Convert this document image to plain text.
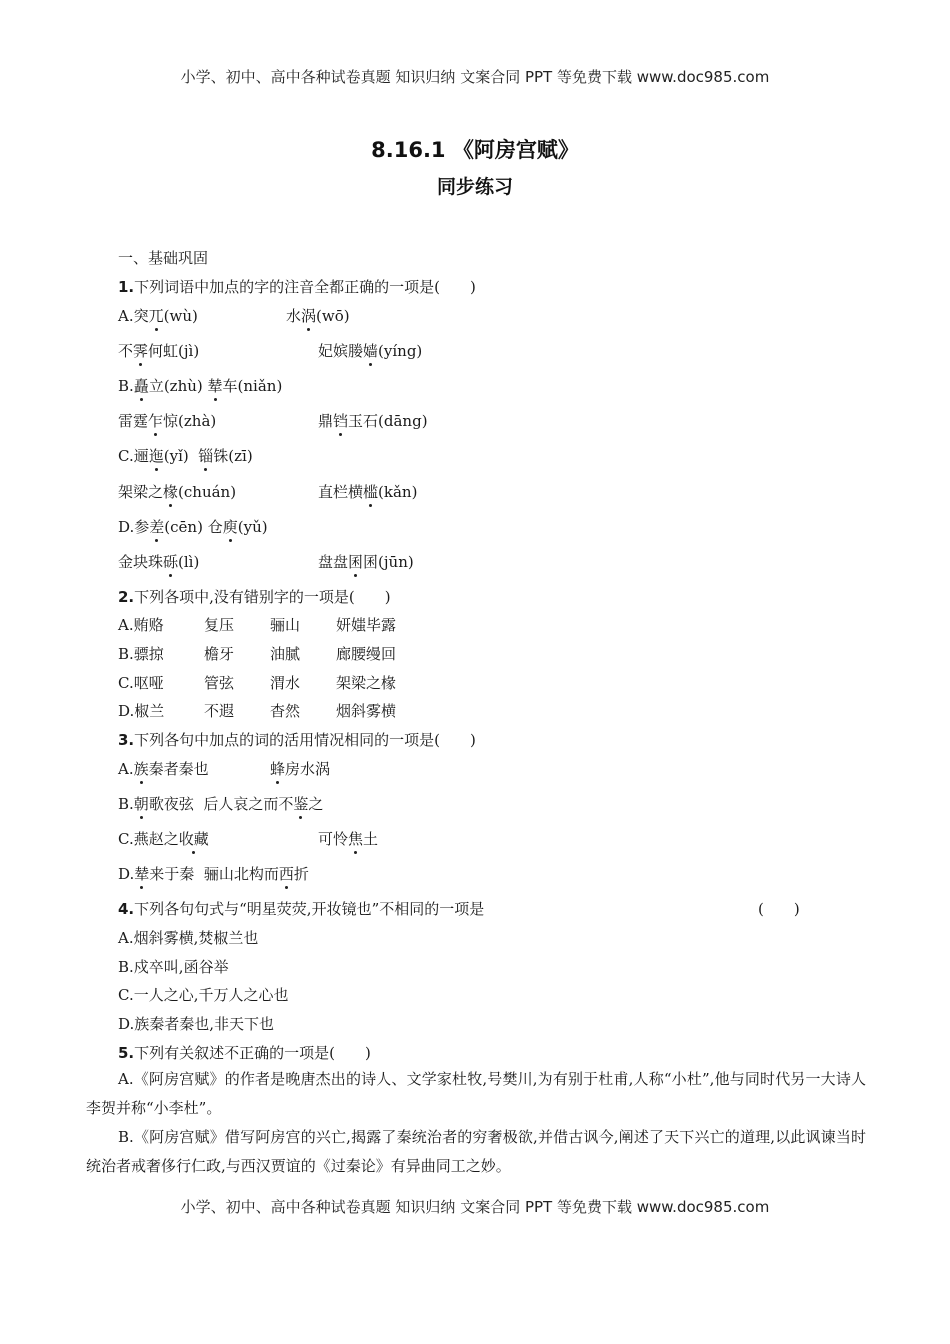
小学、初中、高中各种试卷真题 知识归纳 文案合同 PPT 等免费下载 www.doc985.com
8.16.1 《阿房宫赋》
同步练习
一、基础巩固
1.下列词语中加点的字的注音全都正确的一项是(　　)
A.突兀(wù)	水涡(wō)
不霁何虹(jì)	妃嫔媵嫱(yíng)
B.矗立(zhù) 辇车(niǎn)
雷霆乍惊(zhà)	鼎铛玉石(dāng)
C.逦迤(yǐ) 锱铢(zī)
架梁之椽(chuán)	直栏横槛(kǎn)
D.参差(cēn) 仓庾(yǔ)
金块珠砾(lì)	盘盘囷囷(jūn)
2.下列各项中,没有错别字的一项是(　　)
A.贿赂	复压 骊山 妍媸毕露
B.骠掠	檐牙 油腻 廊腰缦回
C.呕哑	管弦 渭水 架梁之椽
D.椒兰	不遐 杳然 烟斜雾横
3.下列各句中加点的词的活用情况相同的一项是(　　)
A.族秦者秦也	蜂房水涡
B.朝歌夜弦 后人哀之而不鉴之
C.燕赵之收藏	可怜焦土
D.辇来于秦 骊山北构而西折
4.下列各句句式与“明星荧荧,开妆镜也”不相同的一项是	(　　)
A.烟斜雾横,焚椒兰也
B.戍卒叫,函谷举
C.一人之心,千万人之心也
D.族秦者秦也,非天下也
5.下列有关叙述不正确的一项是(　　)
A.《阿房宫赋》的作者是晚唐杰出的诗人、文学家杜牧,号樊川,为有别于杜甫,人称“小杜”,他与同时代另一大诗人李贺并称“小李杜”。
B.《阿房宫赋》借写阿房宫的兴亡,揭露了秦统治者的穷奢极欲,并借古讽今,阐述了天下兴亡的道理,以此讽谏当时统治者戒奢侈行仁政,与西汉贾谊的《过秦论》有异曲同工之妙。
小学、初中、高中各种试卷真题 知识归纳 文案合同 PPT 等免费下载 www.doc985.com
